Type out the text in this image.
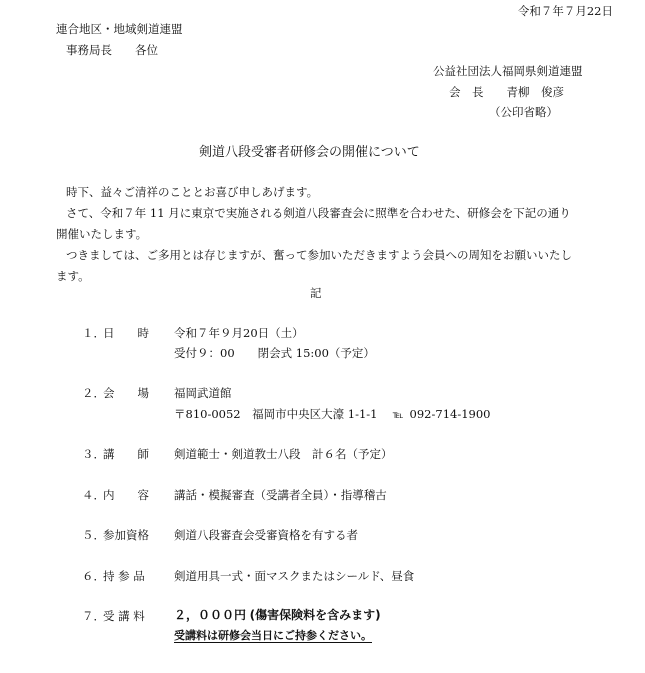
令和７年７月22日
連合地区・地域剣道連盟
事務局長　　各位
公益社団法人福岡県剣道連盟
会　長　　青柳　俊彦
（公印省略）
剣道八段受審者研修会の開催について
時下、益々ご清祥のこととお喜び申しあげます。
さて、令和７年 11 月に東京で実施される剣道八段審査会に照準を合わせた、研修会を下記の通り
開催いたします。
つきましては、ご多用とは存じますが、奮って参加いただきますよう会員への周知をお願いいたし
ます。
記
１．
日　　時 令和７年９月20日（土）
受付９：00　　閉会式 15:00（予定）
２．
会　　場 福岡武道館
〒810-0052　福岡市中央区大濠 1-1-1 ℡ 092-714-1900
３．
講　　師 剣道範士・剣道教士八段　計６名（予定）
４．
内　　容 講話・模擬審査（受講者全員）・指導稽古
５．
参加資格 剣道八段審査会受審資格を有する者
６．
持 参 品	剣道用具一式・面マスクまたはシールド、昼食
７．
受 講 料 ２，０００円 (傷害保険料を含みます)
受講料は研修会当日にご持参ください。
